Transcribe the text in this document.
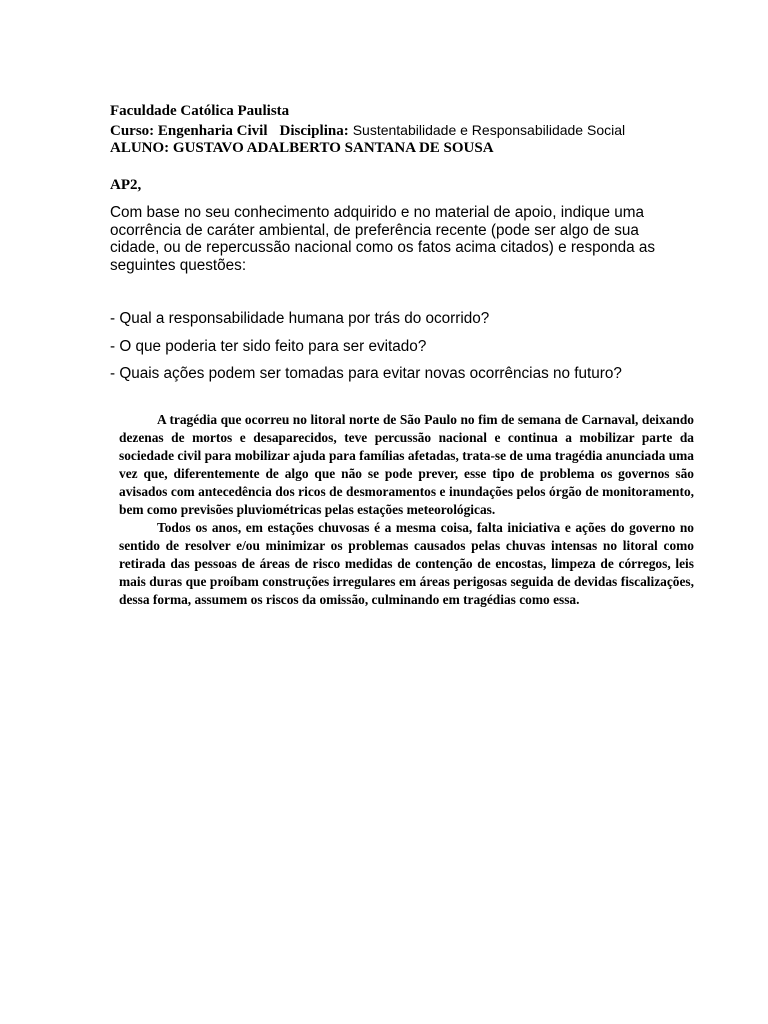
Faculdade Católica Paulista
Curso: Engenharia Civil Disciplina: Sustentabilidade e Responsabilidade Social
ALUNO: GUSTAVO ADALBERTO SANTANA DE SOUSA
AP2,

Com base no seu conhecimento adquirido e no material de apoio, indique uma ocorrência de caráter ambiental, de preferência recente (pode ser algo de sua cidade, ou de repercussão nacional como os fatos acima citados) e responda as seguintes questões:

- Qual a responsabilidade humana por trás do ocorrido?
- O que poderia ter sido feito para ser evitado?
- Quais ações podem ser tomadas para evitar novas ocorrências no futuro?

A tragédia que ocorreu no litoral norte de São Paulo no fim de semana de Carnaval, deixando dezenas de mortos e desaparecidos, teve percussão nacional e continua a mobilizar parte da sociedade civil para mobilizar ajuda para famílias afetadas, trata-se de uma tragédia anunciada uma vez que, diferentemente de algo que não se pode prever, esse tipo de problema os governos são avisados com antecedência dos ricos de desmoramentos e inundações pelos órgão de monitoramento, bem como previsões pluviométricas pelas estações meteorológicas.

Todos os anos, em estações chuvosas é a mesma coisa, falta iniciativa e ações do governo no sentido de resolver e/ou minimizar os problemas causados pelas chuvas intensas no litoral como retirada das pessoas de áreas de risco medidas de contenção de encostas, limpeza de córregos, leis mais duras que proíbam construções irregulares em áreas perigosas seguida de devidas fiscalizações, dessa forma, assumem os riscos da omissão, culminando em tragédias como essa.
